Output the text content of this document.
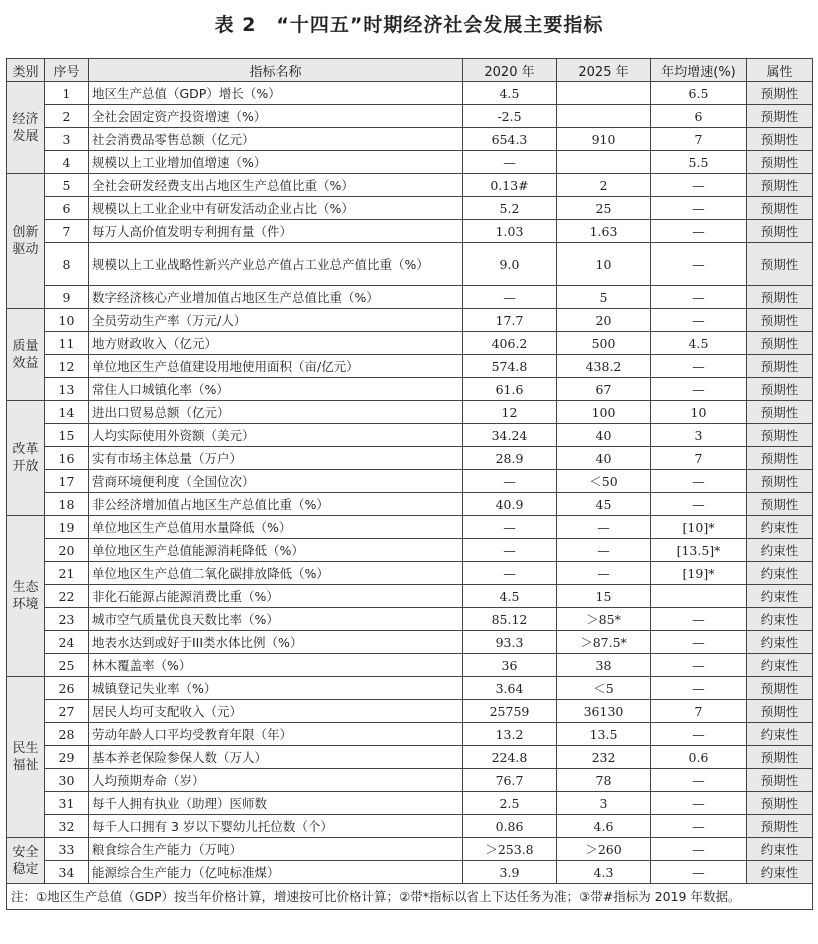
表 2　“十四五”时期经济社会发展主要指标
类别	序号	指标名称	2020 年	2025 年	年均增速(%)	属性
经济发展	1	地区生产总值（GDP）增长（%）	4.5		6.5	预期性
	2	全社会固定资产投资增速（%）	-2.5		6	预期性
	3	社会消费品零售总额（亿元）	654.3	910	7	预期性
	4	规模以上工业增加值增速（%）	—		5.5	预期性
创新驱动	5	全社会研发经费支出占地区生产总值比重（%）	0.13#	2	—	预期性
	6	规模以上工业企业中有研发活动企业占比（%）	5.2	25	—	预期性
	7	每万人高价值发明专利拥有量（件）	1.03	1.63	—	预期性
	8	规模以上工业战略性新兴产业总产值占工业总产值比重（%）	9.0	10	—	预期性
	9	数字经济核心产业增加值占地区生产总值比重（%）	—	5	—	预期性
质量效益	10	全员劳动生产率（万元/人）	17.7	20	—	预期性
	11	地方财政收入（亿元）	406.2	500	4.5	预期性
	12	单位地区生产总值建设用地使用面积（亩/亿元）	574.8	438.2	—	预期性
	13	常住人口城镇化率（%）	61.6	67	—	预期性
改革开放	14	进出口贸易总额（亿元）	12	100	10	预期性
	15	人均实际使用外资额（美元）	34.24	40	3	预期性
	16	实有市场主体总量（万户）	28.9	40	7	预期性
	17	营商环境便利度（全国位次）	—	＜50	—	预期性
	18	非公经济增加值占地区生产总值比重（%）	40.9	45	—	预期性
生态环境	19	单位地区生产总值用水量降低（%）	—	—	[10]*	约束性
	20	单位地区生产总值能源消耗降低（%）	—	—	[13.5]*	约束性
	21	单位地区生产总值二氧化碳排放降低（%）	—	—	[19]*	约束性
	22	非化石能源占能源消费比重（%）	4.5	15		约束性
	23	城市空气质量优良天数比率（%）	85.12	＞85*	—	约束性
	24	地表水达到或好于III类水体比例（%）	93.3	＞87.5*	—	约束性
	25	林木覆盖率（%）	36	38	—	约束性
民生福祉	26	城镇登记失业率（%）	3.64	＜5	—	预期性
	27	居民人均可支配收入（元）	25759	36130	7	预期性
	28	劳动年龄人口平均受教育年限（年）	13.2	13.5	—	约束性
	29	基本养老保险参保人数（万人）	224.8	232	0.6	预期性
	30	人均预期寿命（岁）	76.7	78	—	预期性
	31	每千人拥有执业（助理）医师数	2.5	3	—	预期性
	32	每千人口拥有 3 岁以下婴幼儿托位数（个）	0.86	4.6	—	预期性
安全稳定	33	粮食综合生产能力（万吨）	＞253.8	＞260	—	约束性
	34	能源综合生产能力（亿吨标准煤）	3.9	4.3	—	约束性
注：①地区生产总值（GDP）按当年价格计算，增速按可比价格计算；②带*指标以省上下达任务为准；③带#指标为 2019 年数据。						
